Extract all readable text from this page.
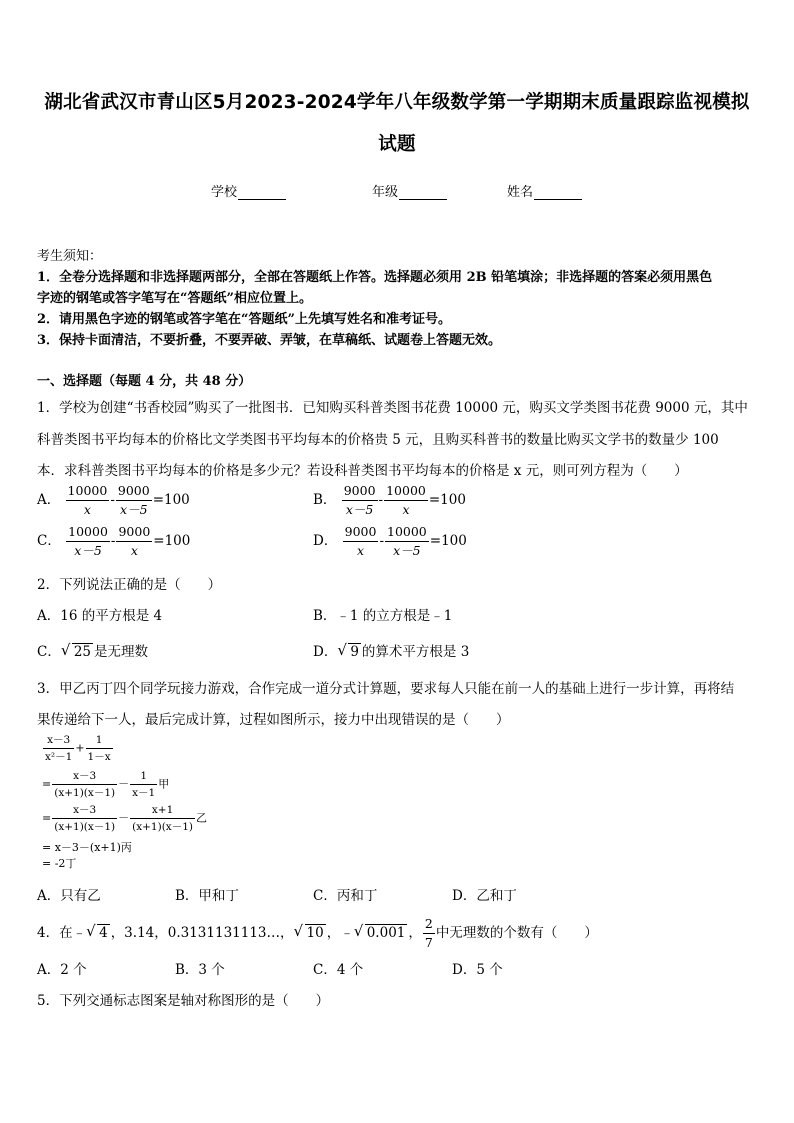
湖北省武汉市青山区5月2023-2024学年八年级数学第一学期期末质量跟踪监视模拟
试题
学校	年级	姓名
考生须知：
1．全卷分选择题和非选择题两部分，全部在答题纸上作答。选择题必须用 2B 铅笔填涂；非选择题的答案必须用黑色
字迹的钢笔或答字笔写在“答题纸”相应位置上。
2．请用黑色字迹的钢笔或答字笔在“答题纸”上先填写姓名和准考证号。
3．保持卡面清洁，不要折叠，不要弄破、弄皱，在草稿纸、试题卷上答题无效。
一、选择题（每题 4 分，共 48 分）
1．学校为创建“书香校园”购买了一批图书．已知购买科普类图书花费 10000 元，购买文学类图书花费 9000 元，其中
科普类图书平均每本的价格比文学类图书平均每本的价格贵 5 元，且购买科普书的数量比购买文学书的数量少 100
本．求科普类图书平均每本的价格是多少元？若设科普类图书平均每本的价格是 x 元，则可列方程为（　　）
A． $\frac{10000}{x} - \frac{9000}{x-5} =100$	B． $\frac{9000}{x-5} - \frac{10000}{x} =100$
C． $\frac{10000}{x-5} - \frac{9000}{x} =100$	D． $\frac{9000}{x} - \frac{10000}{x-5} =100$
2．下列说法正确的是（　　）
A．16 的平方根是 4	B．﹣1 的立方根是﹣1
C． √ 25 是无理数	D． √ 9 的算术平方根是 3
3．甲乙丙丁四个同学玩接力游戏，合作完成一道分式计算题，要求每人只能在前一人的基础上进行一步计算，再将结
果传递给下一人，最后完成计算，过程如图所示，接力中出现错误的是（　　）
$\frac{x-3}{\text{x²－1}} + \frac{1}{1-x}$
= $\frac{x-3}{(x+1)(x-1)} - \frac{1}{x-1}$ 甲
= $\frac{x-3}{(x+1)(x-1)} - \frac{x+1}{(x+1)(x-1)}$ 乙
= x－3－(x+1)丙
= -2丁
A．只有乙	B．甲和丁	C．丙和丁	D．乙和丁
4．在﹣ √ 4 ，3.14，0.3131131113…， √ 10 ，﹣ √ 0.001 ， $\frac{2}{7}$ 中无理数的个数有（　　）
A．2 个	B．3 个	C．4 个	D．5 个
5．下列交通标志图案是轴对称图形的是（　　）
